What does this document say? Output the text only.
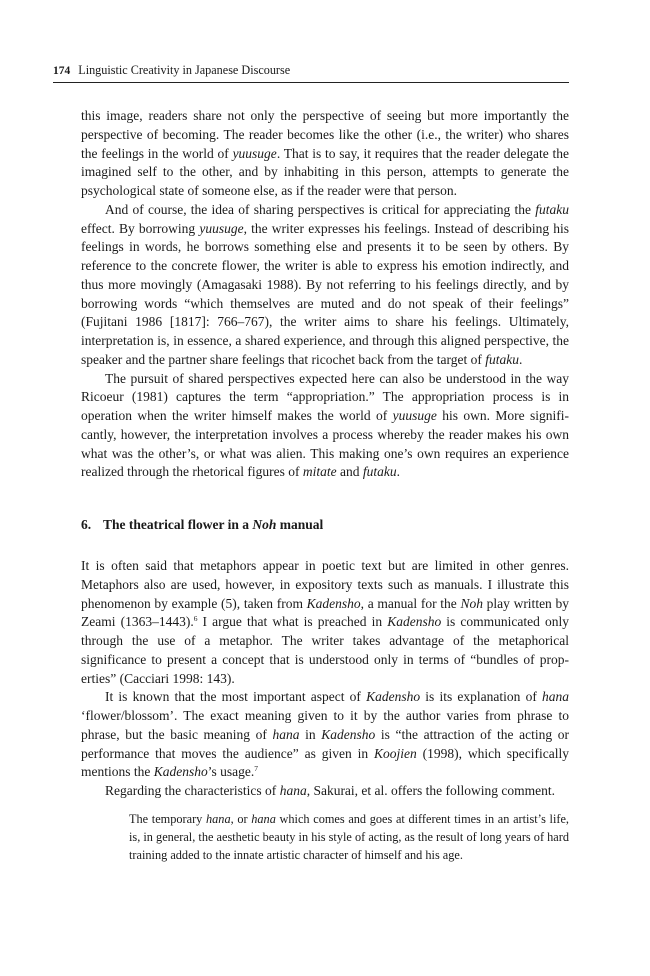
174 Linguistic Creativity in Japanese Discourse

this image, readers share not only the perspective of seeing but more importantly the perspective of becoming. The reader becomes like the other (i.e., the writer) who shares the feelings in the world of yuusuge. That is to say, it requires that the reader delegate the imagined self to the other, and by inhabiting in this person, attempts to generate the psychological state of someone else, as if the reader were that person.

And of course, the idea of sharing perspectives is critical for appreciating the futaku effect. By borrowing yuusuge, the writer expresses his feelings. Instead of describing his feelings in words, he borrows something else and presents it to be seen by others. By reference to the concrete flower, the writer is able to express his emotion indirectly, and thus more movingly (Amagasaki 1988). By not referring to his feelings directly, and by borrowing words “which themselves are muted and do not speak of their feelings” (Fujitani 1986 [1817]: 766–767), the writer aims to share his feelings. Ultimately, interpretation is, in essence, a shared experience, and through this aligned perspective, the speaker and the partner share feelings that ricochet back from the target of futaku.

The pursuit of shared perspectives expected here can also be understood in the way Ricoeur (1981) captures the term “appropriation.” The appropriation process is in operation when the writer himself makes the world of yuusuge his own. More significantly, however, the interpretation involves a process whereby the reader makes his own what was the other’s, or what was alien. This making one’s own requires an experience realized through the rhetorical figures of mitate and futaku.

6. The theatrical flower in a Noh manual

It is often said that metaphors appear in poetic text but are limited in other genres. Metaphors also are used, however, in expository texts such as manuals. I illustrate this phenomenon by example (5), taken from Kadensho, a manual for the Noh play written by Zeami (1363–1443).$^6$ I argue that what is preached in Kadensho is communicated only through the use of a metaphor. The writer takes advantage of the metaphorical significance to present a concept that is understood only in terms of “bundles of properties” (Cacciari 1998: 143).

It is known that the most important aspect of Kadensho is its explanation of hana ‘flower/blossom’. The exact meaning given to it by the author varies from phrase to phrase, but the basic meaning of hana in Kadensho is “the attraction of the acting or performance that moves the audience” as given in Koojien (1998), which specifically mentions the Kadensho’s usage.$^7$

Regarding the characteristics of hana, Sakurai, et al. offers the following comment.

The temporary hana, or hana which comes and goes at different times in an artist’s life, is, in general, the aesthetic beauty in his style of acting, as the result of long years of hard training added to the innate artistic character of himself and his age.
